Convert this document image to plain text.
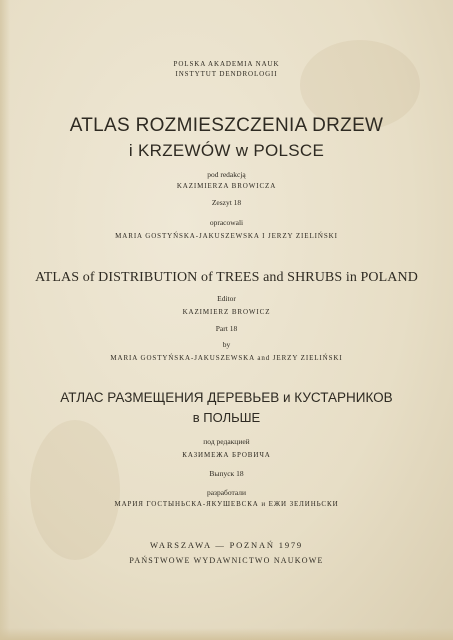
POLSKA AKADEMIA NAUK
INSTYTUT DENDROLOGII
ATLAS ROZMIESZCZENIA DRZEW
i KRZEWÓW w POLSCE
pod redakcją
KAZIMIERZA BROWICZA
Zeszyt 18
opracowali
MARIA GOSTYŃSKA-JAKUSZEWSKA I JERZY ZIELIŃSKI
ATLAS of DISTRIBUTION of TREES and SHRUBS in POLAND
Editor
KAZIMIERZ BROWICZ
Part 18
by
MARIA GOSTYŃSKA-JAKUSZEWSKA and JERZY ZIELIŃSKI
АТЛАС РАЗМЕЩЕНИЯ ДЕРЕВЬЕВ и КУСТАРНИКОВ
в ПОЛЬШЕ
под редакцией
КАЗИМЕЖА БРОВИЧА
Выпуск 18
разработали
МАРИЯ ГОСТЫНЬСКА-ЯКУШЕВСКА и ЕЖИ ЗЕЛИНЬСКИ
WARSZAWA — POZNAŃ 1979
PAŃSTWOWE WYDAWNICTWO NAUKOWE
